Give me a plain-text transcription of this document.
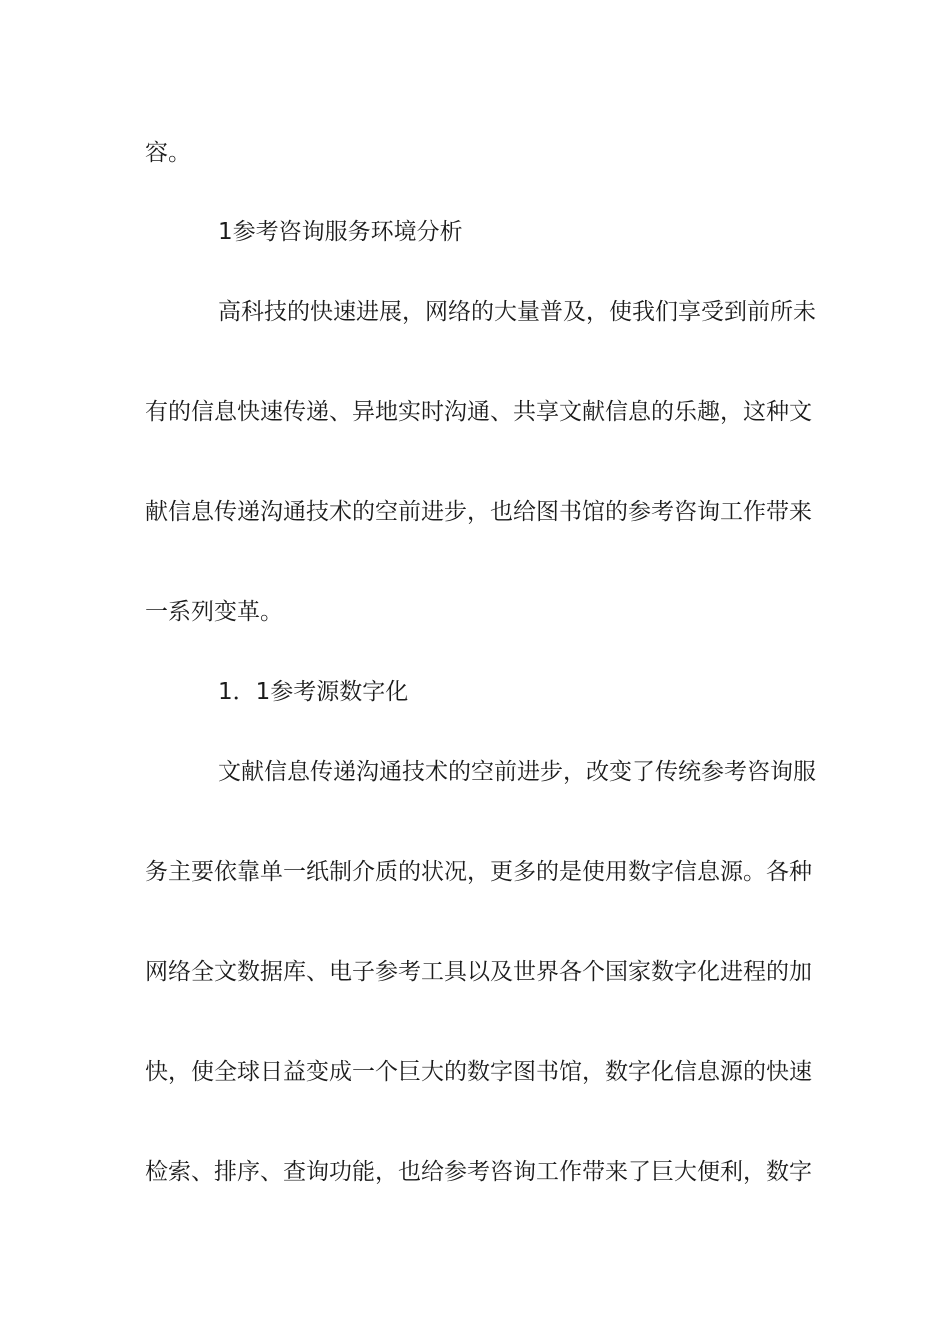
容。
1参考咨询服务环境分析
高科技的快速进展，网络的大量普及，使我们享受到前所未
有的信息快速传递、异地实时沟通、共享文献信息的乐趣，这种文
献信息传递沟通技术的空前进步，也给图书馆的参考咨询工作带来
一系列变革。
1．1参考源数字化
文献信息传递沟通技术的空前进步，改变了传统参考咨询服
务主要依靠单一纸制介质的状况，更多的是使用数字信息源。各种
网络全文数据库、电子参考工具以及世界各个国家数字化进程的加
快，使全球日益变成一个巨大的数字图书馆，数字化信息源的快速
检索、排序、查询功能，也给参考咨询工作带来了巨大便利，数字
